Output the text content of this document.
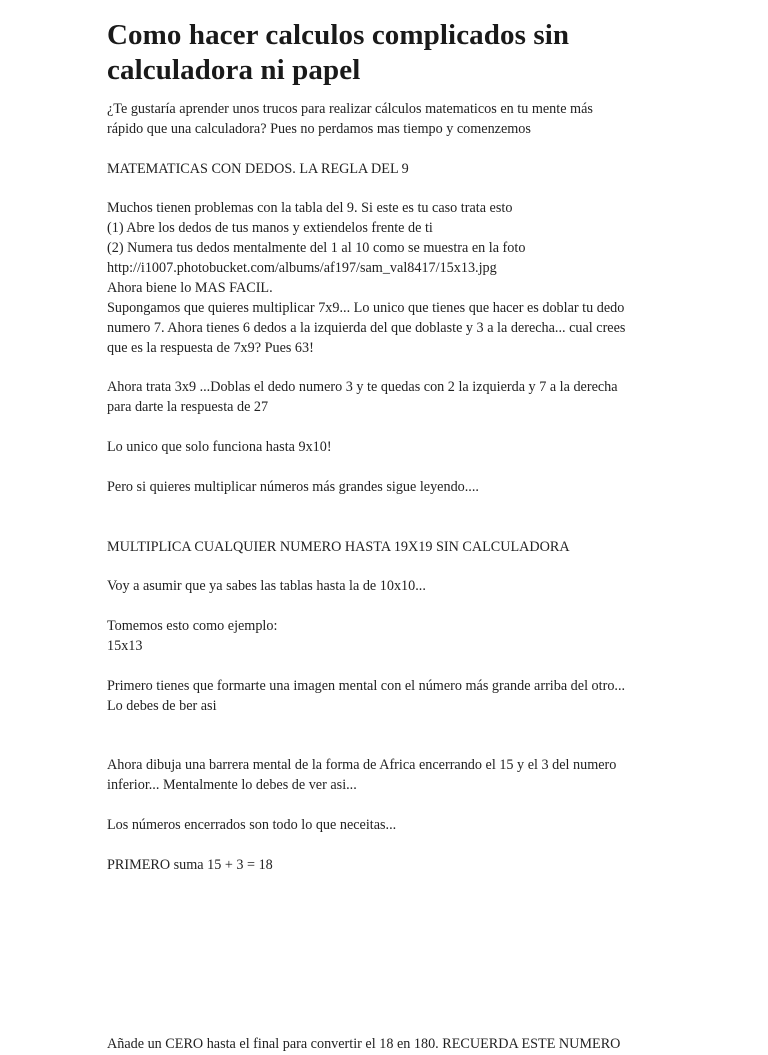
Como hacer calculos complicados sin
calculadora ni papel
¿Te gustaría aprender unos trucos para realizar cálculos matematicos en tu mente más
rápido que una calculadora? Pues no perdamos mas tiempo y comenzemos
MATEMATICAS CON DEDOS. LA REGLA DEL 9
Muchos tienen problemas con la tabla del 9. Si este es tu caso trata esto
(1) Abre los dedos de tus manos y extiendelos frente de ti
(2) Numera tus dedos mentalmente del 1 al 10 como se muestra en la foto
http://i1007.photobucket.com/albums/af197/sam_val8417/15x13.jpg
Ahora biene lo MAS FACIL.
Supongamos que quieres multiplicar 7x9... Lo unico que tienes que hacer es doblar tu dedo
numero 7. Ahora tienes 6 dedos a la izquierda del que doblaste y 3 a la derecha... cual crees
que es la respuesta de 7x9? Pues 63!
Ahora trata 3x9 ...Doblas el dedo numero 3 y te quedas con 2 la izquierda y 7 a la derecha
para darte la respuesta de 27
Lo unico que solo funciona hasta 9x10!
Pero si quieres multiplicar números más grandes sigue leyendo....
MULTIPLICA CUALQUIER NUMERO HASTA 19X19 SIN CALCULADORA
Voy a asumir que ya sabes las tablas hasta la de 10x10...
Tomemos esto como ejemplo:
15x13
Primero tienes que formarte una imagen mental con el número más grande arriba del otro...
Lo debes de ber asi
Ahora dibuja una barrera mental de la forma de Africa encerrando el 15 y el 3 del numero
inferior... Mentalmente lo debes de ver asi...
Los números encerrados son todo lo que neceitas...
PRIMERO suma 15 + 3 = 18
Añade un CERO hasta el final para convertir el 18 en 180. RECUERDA ESTE NUMERO
